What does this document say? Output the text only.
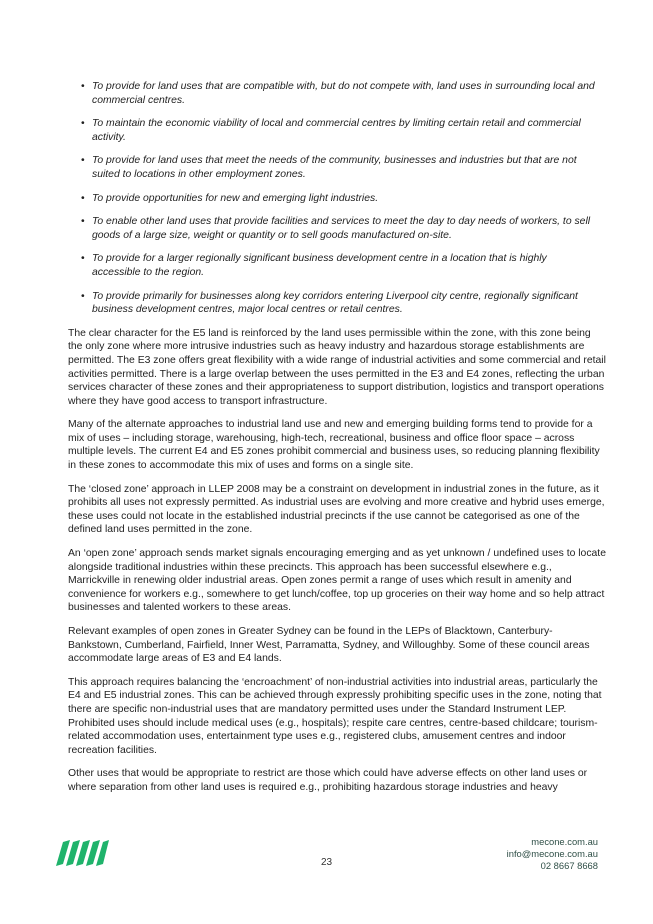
• To provide for land uses that are compatible with, but do not compete with, land uses in surrounding local and commercial centres.
• To maintain the economic viability of local and commercial centres by limiting certain retail and commercial activity.
• To provide for land uses that meet the needs of the community, businesses and industries but that are not suited to locations in other employment zones.
• To provide opportunities for new and emerging light industries.
• To enable other land uses that provide facilities and services to meet the day to day needs of workers, to sell goods of a large size, weight or quantity or to sell goods manufactured on-site.
• To provide for a larger regionally significant business development centre in a location that is highly accessible to the region.
• To provide primarily for businesses along key corridors entering Liverpool city centre, regionally significant business development centres, major local centres or retail centres.

The clear character for the E5 land is reinforced by the land uses permissible within the zone, with this zone being the only zone where more intrusive industries such as heavy industry and hazardous storage establishments are permitted. The E3 zone offers great flexibility with a wide range of industrial activities and some commercial and retail activities permitted. There is a large overlap between the uses permitted in the E3 and E4 zones, reflecting the urban services character of these zones and their appropriateness to support distribution, logistics and transport operations where they have good access to transport infrastructure.

Many of the alternate approaches to industrial land use and new and emerging building forms tend to provide for a mix of uses – including storage, warehousing, high-tech, recreational, business and office floor space – across multiple levels. The current E4 and E5 zones prohibit commercial and business uses, so reducing planning flexibility in these zones to accommodate this mix of uses and forms on a single site.

The ‘closed zone’ approach in LLEP 2008 may be a constraint on development in industrial zones in the future, as it prohibits all uses not expressly permitted. As industrial uses are evolving and more creative and hybrid uses emerge, these uses could not locate in the established industrial precincts if the use cannot be categorised as one of the defined land uses permitted in the zone.

An ‘open zone’ approach sends market signals encouraging emerging and as yet unknown / undefined uses to locate alongside traditional industries within these precincts. This approach has been successful elsewhere e.g., Marrickville in renewing older industrial areas. Open zones permit a range of uses which result in amenity and convenience for workers e.g., somewhere to get lunch/coffee, top up groceries on their way home and so help attract businesses and talented workers to these areas.

Relevant examples of open zones in Greater Sydney can be found in the LEPs of Blacktown, Canterbury-Bankstown, Cumberland, Fairfield, Inner West, Parramatta, Sydney, and Willoughby. Some of these council areas accommodate large areas of E3 and E4 lands.

This approach requires balancing the ‘encroachment’ of non-industrial activities into industrial areas, particularly the E4 and E5 industrial zones. This can be achieved through expressly prohibiting specific uses in the zone, noting that there are specific non-industrial uses that are mandatory permitted uses under the Standard Instrument LEP. Prohibited uses should include medical uses (e.g., hospitals); respite care centres, centre-based childcare; tourism-related accommodation uses, entertainment type uses e.g., registered clubs, amusement centres and indoor recreation facilities.

Other uses that would be appropriate to restrict are those which could have adverse effects on other land uses or where separation from other land uses is required e.g., prohibiting hazardous storage industries and heavy

23
mecone.com.au
info@mecone.com.au
02 8667 8668
